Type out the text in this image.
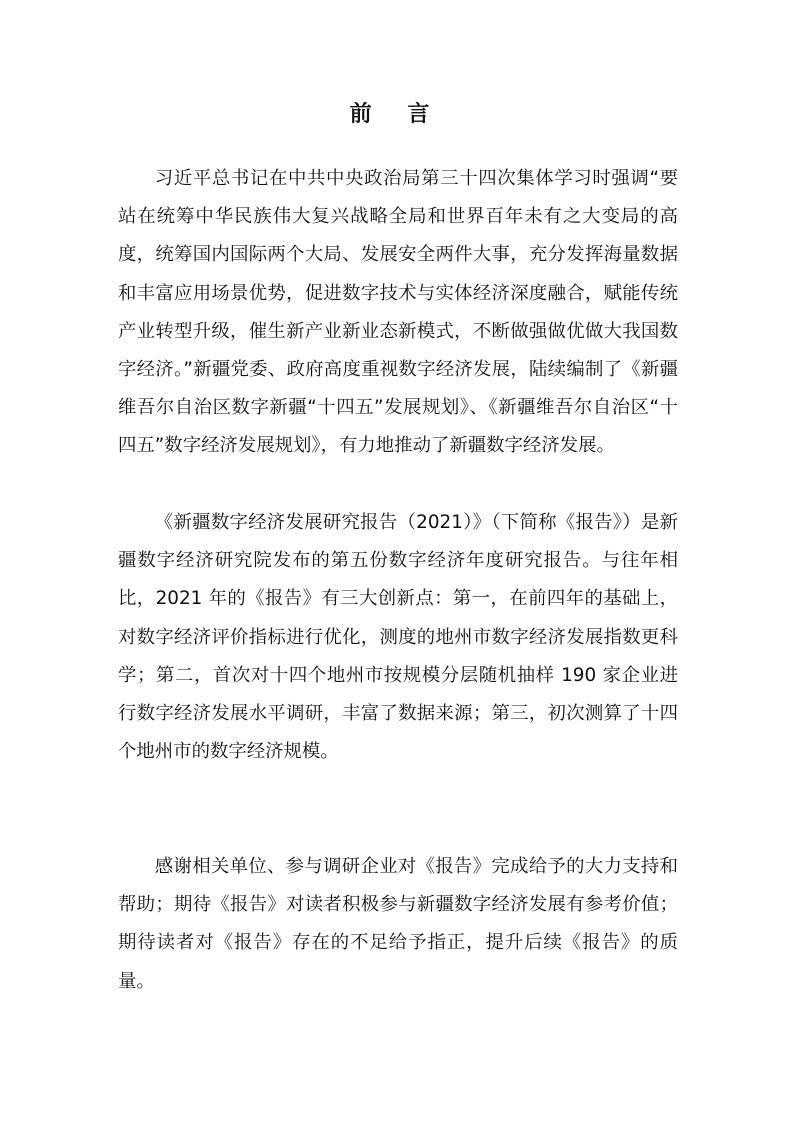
前 言

习近平总书记在中共中央政治局第三十四次集体学习时强调“要站在统筹中华民族伟大复兴战略全局和世界百年未有之大变局的高度，统筹国内国际两个大局、发展安全两件大事，充分发挥海量数据和丰富应用场景优势，促进数字技术与实体经济深度融合，赋能传统产业转型升级，催生新产业新业态新模式，不断做强做优做大我国数字经济。”新疆党委、政府高度重视数字经济发展，陆续编制了《新疆维吾尔自治区数字新疆“十四五”发展规划》、《新疆维吾尔自治区“十四五”数字经济发展规划》，有力地推动了新疆数字经济发展。

《新疆数字经济发展研究报告（2021）》（下简称《报告》）是新疆数字经济研究院发布的第五份数字经济年度研究报告。与往年相比，2021 年的《报告》有三大创新点：第一，在前四年的基础上，对数字经济评价指标进行优化，测度的地州市数字经济发展指数更科学；第二，首次对十四个地州市按规模分层随机抽样 190 家企业进行数字经济发展水平调研，丰富了数据来源；第三，初次测算了十四个地州市的数字经济规模。

感谢相关单位、参与调研企业对《报告》完成给予的大力支持和帮助；期待《报告》对读者积极参与新疆数字经济发展有参考价值；期待读者对《报告》存在的不足给予指正，提升后续《报告》的质量。
